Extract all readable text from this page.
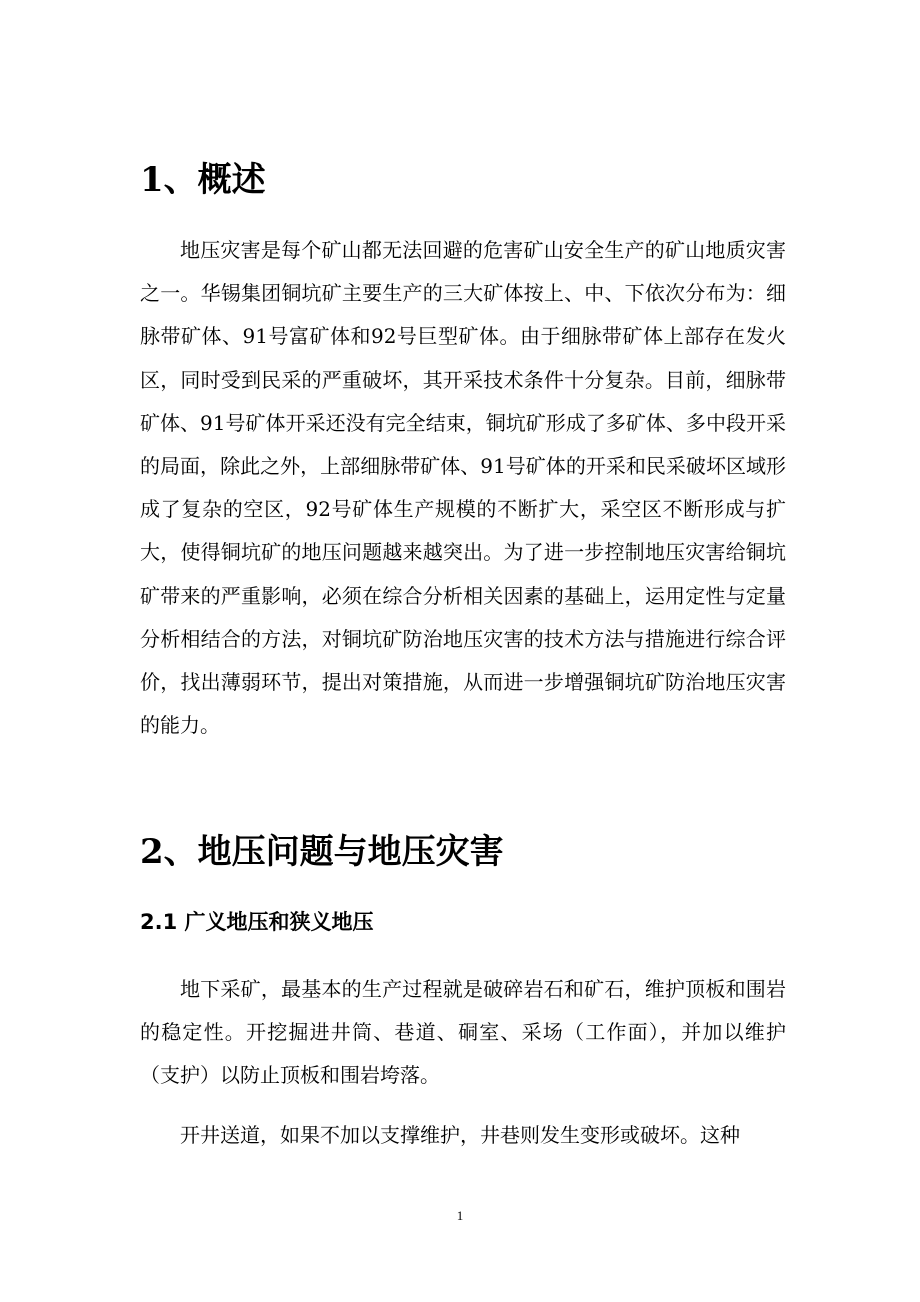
1、概述

地压灾害是每个矿山都无法回避的危害矿山安全生产的矿山地质灾害之一。华锡集团铜坑矿主要生产的三大矿体按上、中、下依次分布为：细脉带矿体、91号富矿体和92号巨型矿体。由于细脉带矿体上部存在发火区，同时受到民采的严重破坏，其开采技术条件十分复杂。目前，细脉带矿体、91号矿体开采还没有完全结束，铜坑矿形成了多矿体、多中段开采的局面，除此之外，上部细脉带矿体、91号矿体的开采和民采破坏区域形成了复杂的空区，92号矿体生产规模的不断扩大，采空区不断形成与扩大，使得铜坑矿的地压问题越来越突出。为了进一步控制地压灾害给铜坑矿带来的严重影响，必须在综合分析相关因素的基础上，运用定性与定量分析相结合的方法，对铜坑矿防治地压灾害的技术方法与措施进行综合评价，找出薄弱环节，提出对策措施，从而进一步增强铜坑矿防治地压灾害的能力。

2、地压问题与地压灾害
2.1 广义地压和狭义地压

地下采矿，最基本的生产过程就是破碎岩石和矿石，维护顶板和围岩的稳定性。开挖掘进井筒、巷道、硐室、采场（工作面），并加以维护（支护）以防止顶板和围岩垮落。

开井送道，如果不加以支撑维护，井巷则发生变形或破坏。这种

1
